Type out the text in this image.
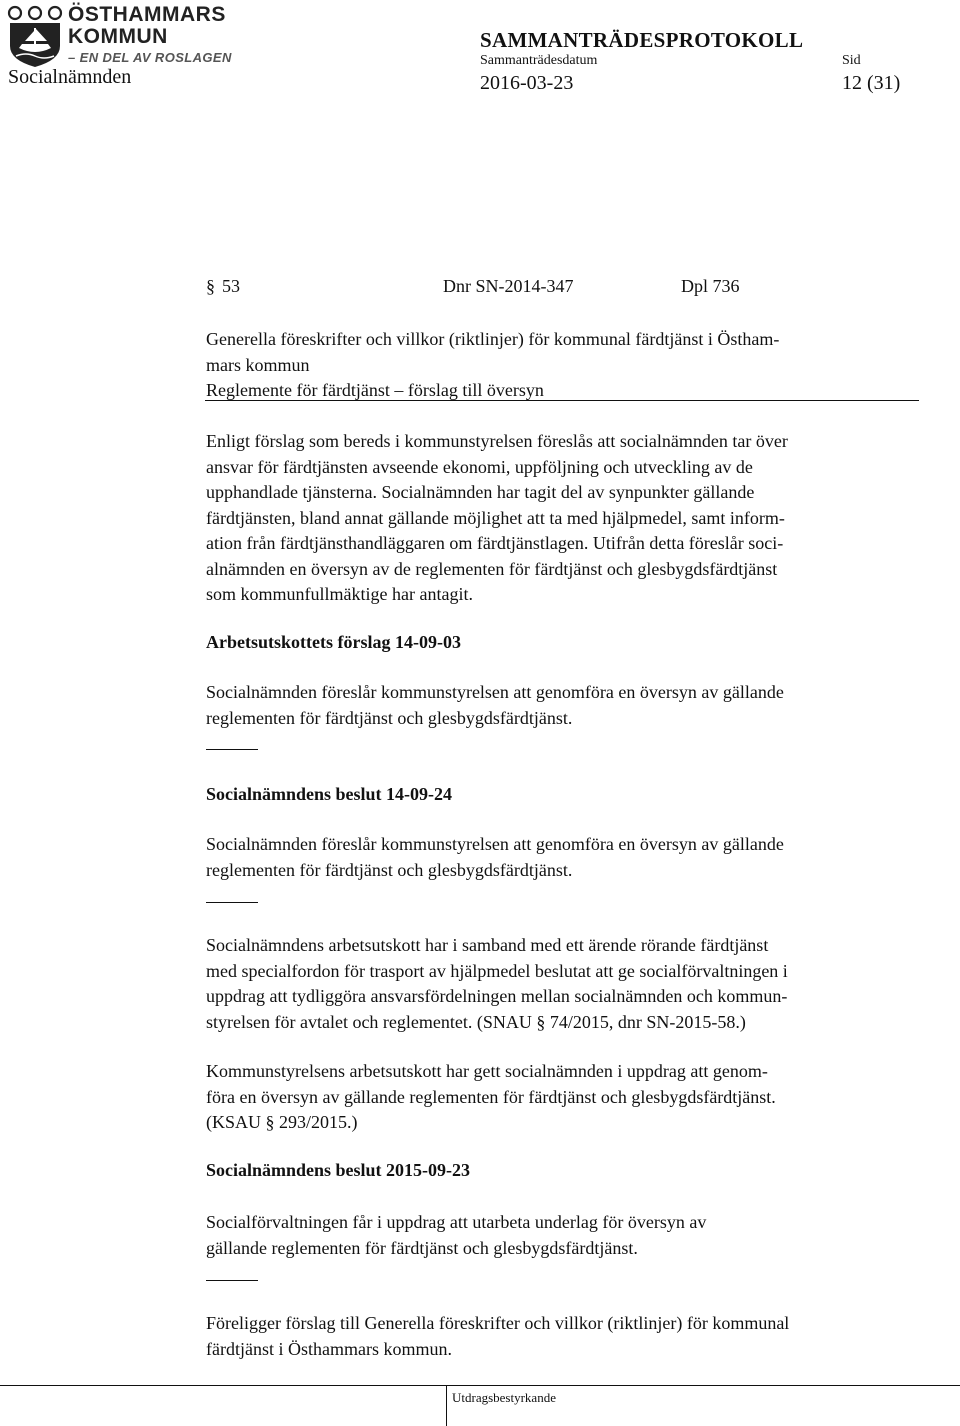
ÖSTHAMMARS
KOMMUN
– EN DEL AV ROSLAGEN
Socialnämnden
SAMMANTRÄDESPROTOKOLL
Sammanträdesdatum	Sid
2016-03-23	12 (31)
§ 53	Dnr SN-2014-347	Dpl 736

Generella föreskrifter och villkor (riktlinjer) för kommunal färdtjänst i Östham-
mars kommun
Reglemente för färdtjänst – förslag till översyn

Enligt förslag som bereds i kommunstyrelsen föreslås att socialnämnden tar över
ansvar för färdtjänsten avseende ekonomi, uppföljning och utveckling av de
upphandlade tjänsterna. Socialnämnden har tagit del av synpunkter gällande
färdtjänsten, bland annat gällande möjlighet att ta med hjälpmedel, samt inform-
ation från färdtjänsthandläggaren om färdtjänstlagen. Utifrån detta föreslår soci-
alnämnden en översyn av de reglementen för färdtjänst och glesbygdsfärdtjänst
som kommunfullmäktige har antagit.

Arbetsutskottets förslag 14-09-03

Socialnämnden föreslår kommunstyrelsen att genomföra en översyn av gällande
reglementen för färdtjänst och glesbygdsfärdtjänst.

Socialnämndens beslut 14-09-24

Socialnämnden föreslår kommunstyrelsen att genomföra en översyn av gällande
reglementen för färdtjänst och glesbygdsfärdtjänst.

Socialnämndens arbetsutskott har i samband med ett ärende rörande färdtjänst
med specialfordon för trasport av hjälpmedel beslutat att ge socialförvaltningen i
uppdrag att tydliggöra ansvarsfördelningen mellan socialnämnden och kommun-
styrelsen för avtalet och reglementet. (SNAU § 74/2015, dnr SN-2015-58.)

Kommunstyrelsens arbetsutskott har gett socialnämnden i uppdrag att genom-
föra en översyn av gällande reglementen för färdtjänst och glesbygdsfärdtjänst.
(KSAU § 293/2015.)

Socialnämndens beslut 2015-09-23

Socialförvaltningen får i uppdrag att utarbeta underlag för översyn av
gällande reglementen för färdtjänst och glesbygdsfärdtjänst.

Föreligger förslag till Generella föreskrifter och villkor (riktlinjer) för kommunal
färdtjänst i Östhammars kommun.

Utdragsbestyrkande
